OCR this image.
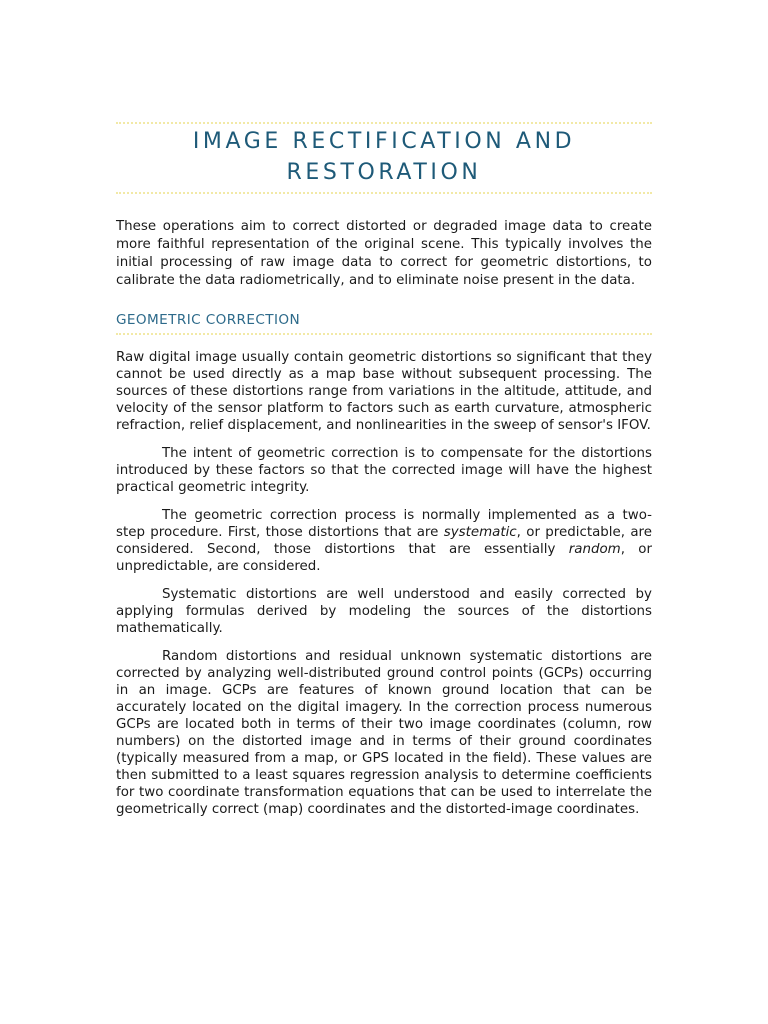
IMAGE RECTIFICATION AND RESTORATION

These operations aim to correct distorted or degraded image data to create more faithful representation of the original scene. This typically involves the initial processing of raw image data to correct for geometric distortions, to calibrate the data radiometrically, and to eliminate noise present in the data.

GEOMETRIC CORRECTION

Raw digital image usually contain geometric distortions so significant that they cannot be used directly as a map base without subsequent processing. The sources of these distortions range from variations in the altitude, attitude, and velocity of the sensor platform to factors such as earth curvature, atmospheric refraction, relief displacement, and nonlinearities in the sweep of sensor's IFOV.

The intent of geometric correction is to compensate for the distortions introduced by these factors so that the corrected image will have the highest practical geometric integrity.

The geometric correction process is normally implemented as a two-step procedure. First, those distortions that are systematic, or predictable, are considered. Second, those distortions that are essentially random, or unpredictable, are considered.

Systematic distortions are well understood and easily corrected by applying formulas derived by modeling the sources of the distortions mathematically.

Random distortions and residual unknown systematic distortions are corrected by analyzing well-distributed ground control points (GCPs) occurring in an image. GCPs are features of known ground location that can be accurately located on the digital imagery. In the correction process numerous GCPs are located both in terms of their two image coordinates (column, row numbers) on the distorted image and in terms of their ground coordinates (typically measured from a map, or GPS located in the field). These values are then submitted to a least squares regression analysis to determine coefficients for two coordinate transformation equations that can be used to interrelate the geometrically correct (map) coordinates and the distorted-image coordinates.
